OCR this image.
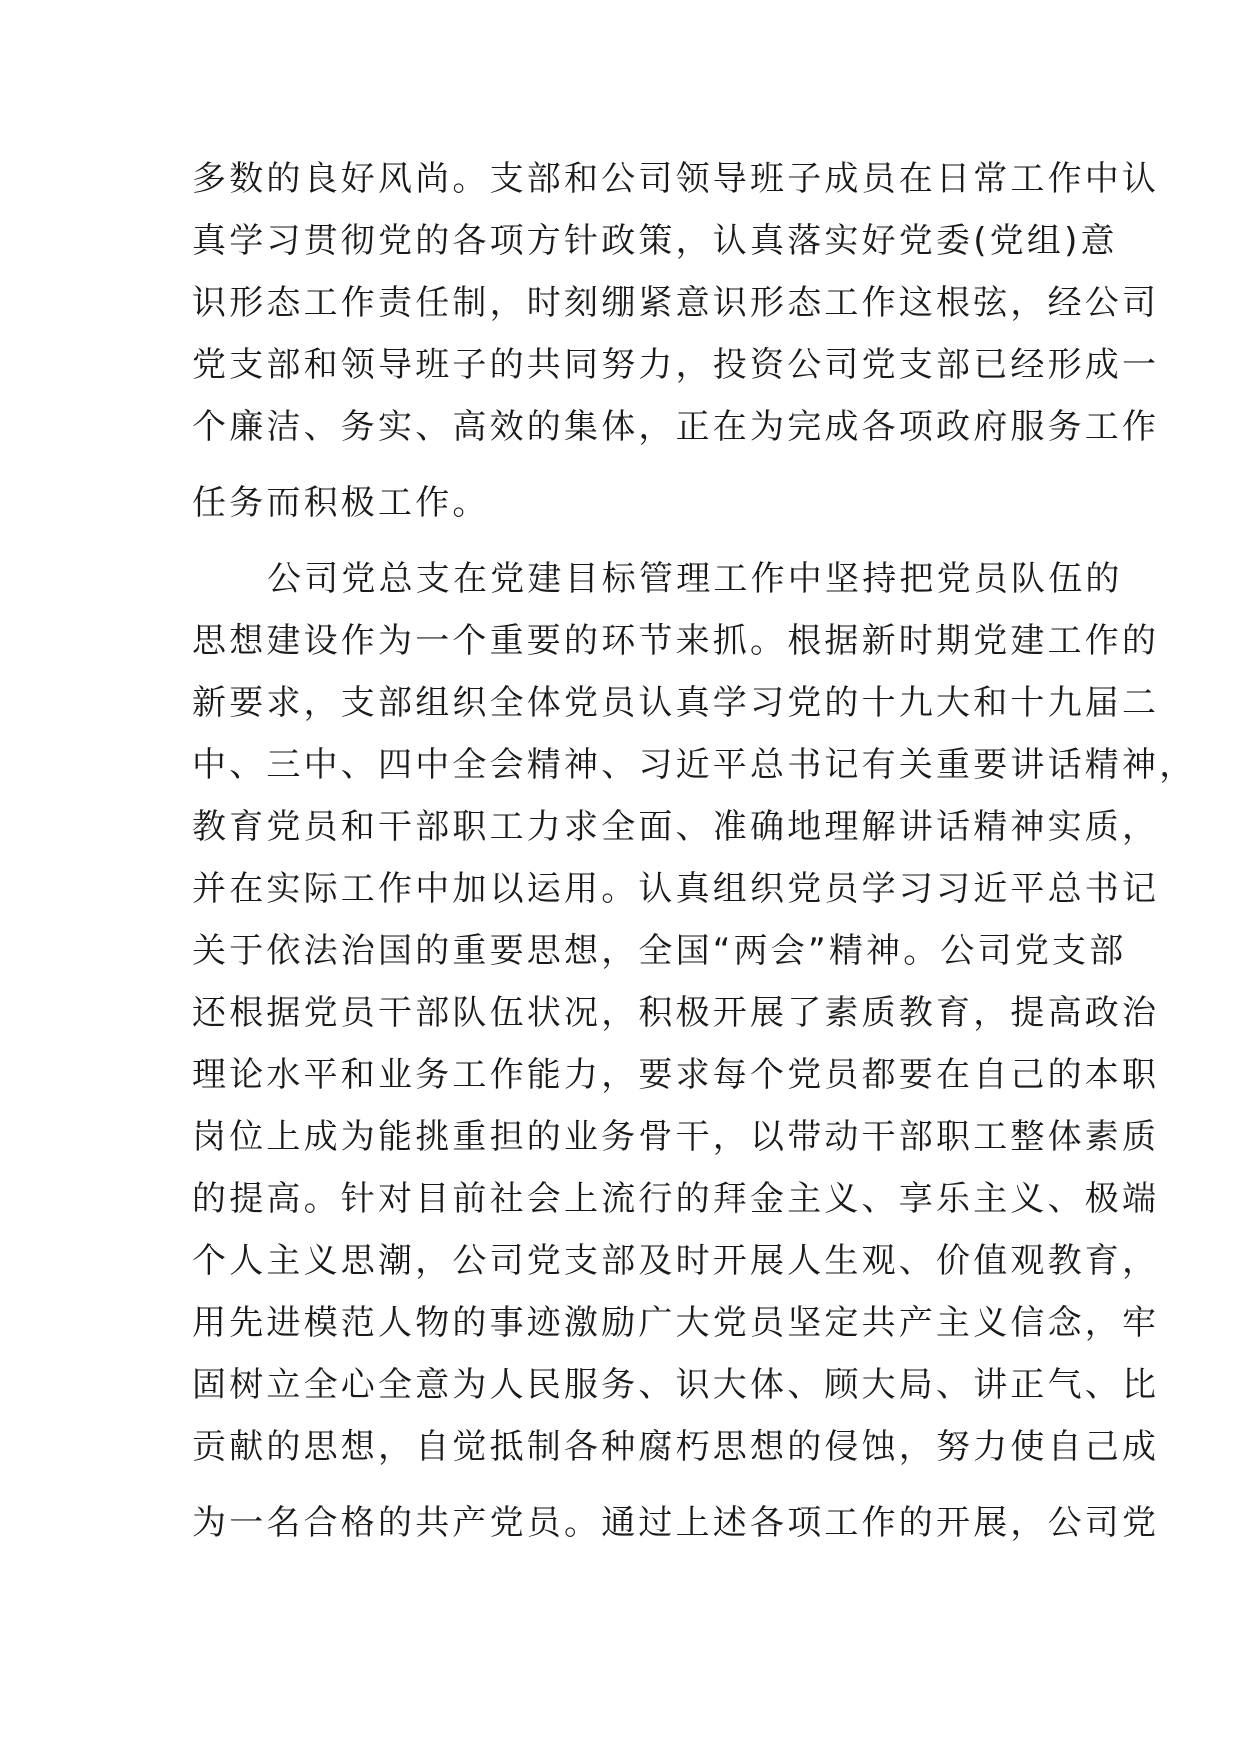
多数的良好风尚。支部和公司领导班子成员在日常工作中认
真学习贯彻党的各项方针政策，认真落实好党委(党组)意
识形态工作责任制，时刻绷紧意识形态工作这根弦，经公司
党支部和领导班子的共同努力，投资公司党支部已经形成一
个廉洁、务实、高效的集体，正在为完成各项政府服务工作
任务而积极工作。
公司党总支在党建目标管理工作中坚持把党员队伍的
思想建设作为一个重要的环节来抓。根据新时期党建工作的
新要求，支部组织全体党员认真学习党的十九大和十九届二
中、三中、四中全会精神、习近平总书记有关重要讲话精神，
教育党员和干部职工力求全面、准确地理解讲话精神实质，
并在实际工作中加以运用。认真组织党员学习习近平总书记
关于依法治国的重要思想，全国“两会”精神。公司党支部
还根据党员干部队伍状况，积极开展了素质教育，提高政治
理论水平和业务工作能力，要求每个党员都要在自己的本职
岗位上成为能挑重担的业务骨干，以带动干部职工整体素质
的提高。针对目前社会上流行的拜金主义、享乐主义、极端
个人主义思潮，公司党支部及时开展人生观、价值观教育，
用先进模范人物的事迹激励广大党员坚定共产主义信念，牢
固树立全心全意为人民服务、识大体、顾大局、讲正气、比
贡献的思想，自觉抵制各种腐朽思想的侵蚀，努力使自己成
为一名合格的共产党员。通过上述各项工作的开展，公司党
